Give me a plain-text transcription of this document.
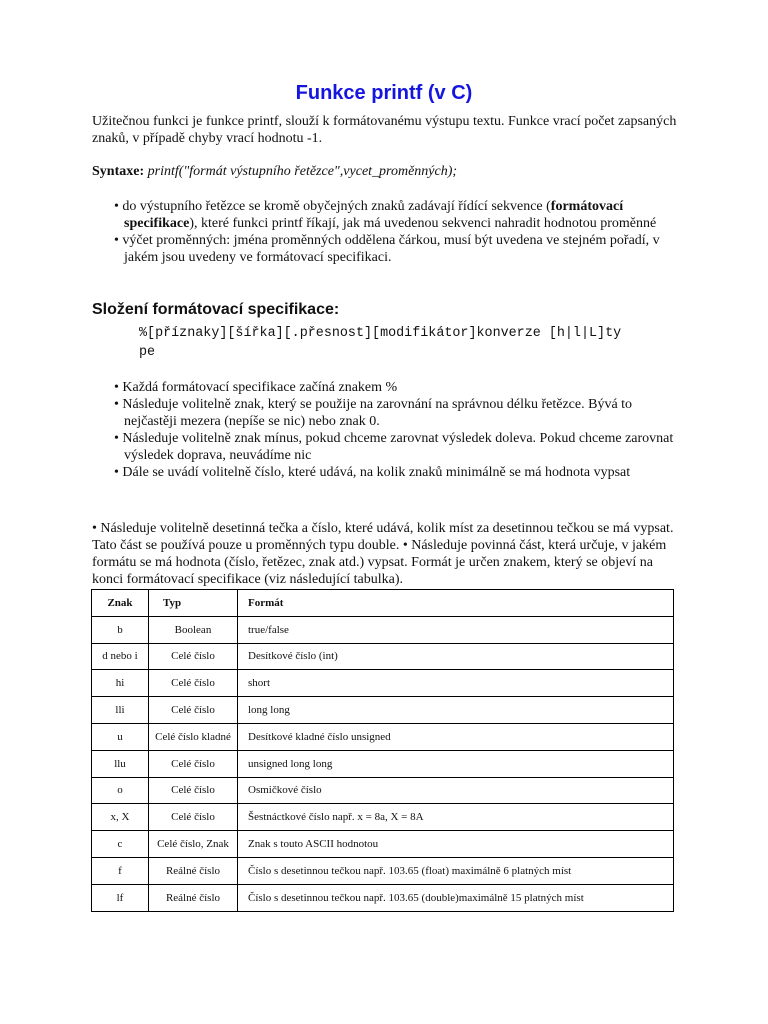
Funkce printf (v C)

Užitečnou funkci je funkce printf, slouží k formátovanému výstupu textu. Funkce vrací počet zapsaných znaků, v případě chyby vrací hodnotu -1.

Syntaxe: printf("formát výstupního řetězce",vycet_proměnných);

• do výstupního řetězce se kromě obyčejných znaků zadávají řídící sekvence (formátovací specifikace), které funkci printf říkají, jak má uvedenou sekvenci nahradit hodnotou proměnné

• výčet proměnných: jména proměnných oddělena čárkou, musí být uvedena ve stejném pořadí, v jakém jsou uvedeny ve formátovací specifikaci.

Složení formátovací specifikace:
%[příznaky][šířka][.přesnost][modifikátor]konverze [h|l|L]type

• Každá formátovací specifikace začíná znakem %

• Následuje volitelně znak, který se použije na zarovnání na správnou délku řetězce. Bývá to nejčastěji mezera (nepíše se nic) nebo znak 0.

• Následuje volitelně znak mínus, pokud chceme zarovnat výsledek doleva. Pokud chceme zarovnat výsledek doprava, neuvádíme nic

• Dále se uvádí volitelně číslo, které udává, na kolik znaků minimálně se má hodnota vypsat

• Následuje volitelně desetinná tečka a číslo, které udává, kolik míst za desetinnou tečkou se má vypsat. Tato část se používá pouze u proměnných typu double. • Následuje povinná část, která určuje, v jakém formátu se má hodnota (číslo, řetězec, znak atd.) vypsat. Formát je určen znakem, který se objeví na konci formátovací specifikace (viz následující tabulka).

Znak	Typ	Formát
b	Boolean	true/false
d nebo i	Celé číslo	Desítkové číslo (int)
hi	Celé číslo	short
lli	Celé číslo	long long
u	Celé číslo kladné	Desítkové kladné číslo unsigned
llu	Celé číslo	unsigned long long
o	Celé číslo	Osmičkové číslo
x, X	Celé číslo	Šestnáctkové číslo např. x = 8a, X = 8A
c	Celé číslo, Znak	Znak s touto ASCII hodnotou
f	Reálné číslo	Číslo s desetinnou tečkou např. 103.65 (float) maximálně 6 platných míst
lf	Reálné číslo	Číslo s desetinnou tečkou např. 103.65 (double)maximálně 15 platných míst
